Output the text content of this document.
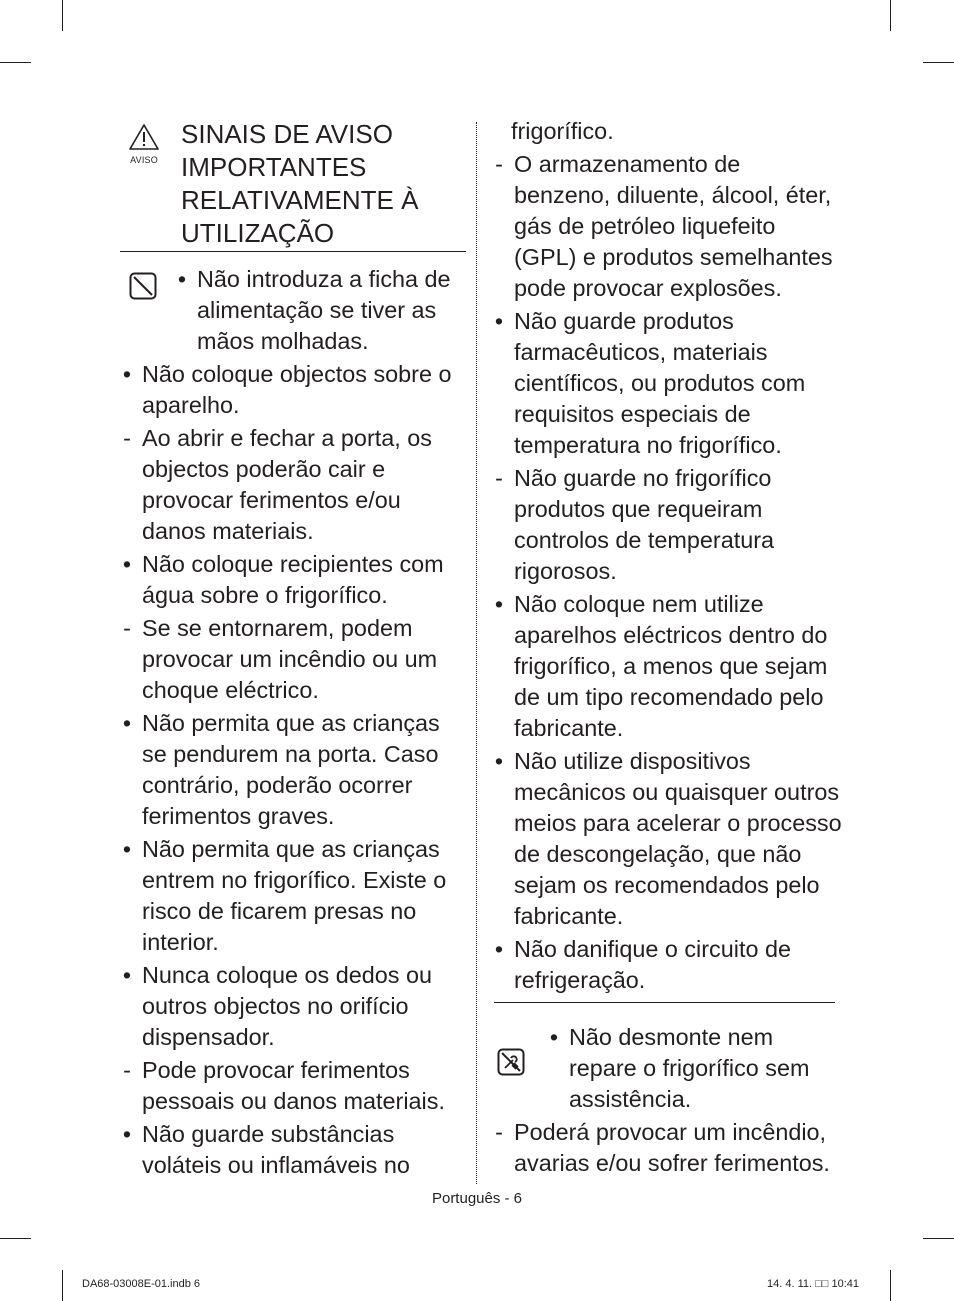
AVISO
SINAIS DE AVISO IMPORTANTES RELATIVAMENTE À UTILIZAÇÃO
• Não introduza a ficha de alimentação se tiver as mãos molhadas.
• Não coloque objectos sobre o aparelho.
- Ao abrir e fechar a porta, os objectos poderão cair e provocar ferimentos e/ou danos materiais.
• Não coloque recipientes com água sobre o frigorífico.
- Se se entornarem, podem provocar um incêndio ou um choque eléctrico.
• Não permita que as crianças se pendurem na porta. Caso contrário, poderão ocorrer ferimentos graves.
• Não permita que as crianças entrem no frigorífico. Existe o risco de ficarem presas no interior.
• Nunca coloque os dedos ou outros objectos no orifício dispensador.
- Pode provocar ferimentos pessoais ou danos materiais.
• Não guarde substâncias voláteis ou inflamáveis no
frigorífico.
- O armazenamento de benzeno, diluente, álcool, éter, gás de petróleo liquefeito (GPL) e produtos semelhantes pode provocar explosões.
• Não guarde produtos farmacêuticos, materiais científicos, ou produtos com requisitos especiais de temperatura no frigorífico.
- Não guarde no frigorífico produtos que requeiram controlos de temperatura rigorosos.
• Não coloque nem utilize aparelhos eléctricos dentro do frigorífico, a menos que sejam de um tipo recomendado pelo fabricante.
• Não utilize dispositivos mecânicos ou quaisquer outros meios para acelerar o processo de descongelação, que não sejam os recomendados pelo fabricante.
• Não danifique o circuito de refrigeração.
• Não desmonte nem repare o frigorífico sem assistência.
- Poderá provocar um incêndio, avarias e/ou sofrer ferimentos.
Português - 6
DA68-03008E-01.indb 6	14. 4. 11. □□ 10:41
